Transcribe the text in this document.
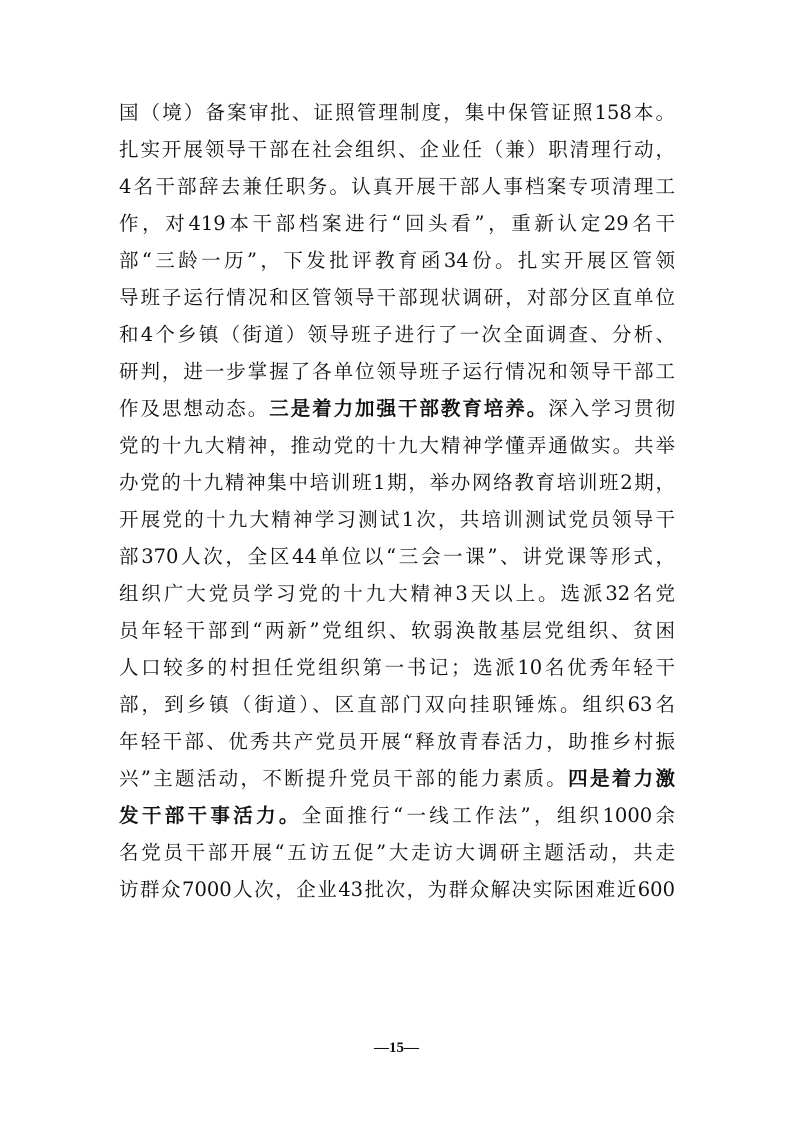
国（境）备案审批、证照管理制度，集中保管证照158本。
扎实开展领导干部在社会组织、企业任（兼）职清理行动，
4名干部辞去兼任职务。认真开展干部人事档案专项清理工
作，对419本干部档案进行“回头看”，重新认定29名干
部“三龄一历”，下发批评教育函34份。扎实开展区管领
导班子运行情况和区管领导干部现状调研，对部分区直单位
和4个乡镇（街道）领导班子进行了一次全面调查、分析、
研判，进一步掌握了各单位领导班子运行情况和领导干部工
作及思想动态。三是着力加强干部教育培养。深入学习贯彻
党的十九大精神，推动党的十九大精神学懂弄通做实。共举
办党的十九精神集中培训班1期，举办网络教育培训班2期，
开展党的十九大精神学习测试1次，共培训测试党员领导干
部370人次，全区44单位以“三会一课”、讲党课等形式，
组织广大党员学习党的十九大精神3天以上。选派32名党
员年轻干部到“两新”党组织、软弱涣散基层党组织、贫困
人口较多的村担任党组织第一书记；选派10名优秀年轻干
部，到乡镇（街道）、区直部门双向挂职锤炼。组织63名
年轻干部、优秀共产党员开展“释放青春活力，助推乡村振
兴”主题活动，不断提升党员干部的能力素质。四是着力激
发干部干事活力。全面推行“一线工作法”，组织1000余
名党员干部开展“五访五促”大走访大调研主题活动，共走
访群众7000人次，企业43批次，为群众解决实际困难近600
—15—
